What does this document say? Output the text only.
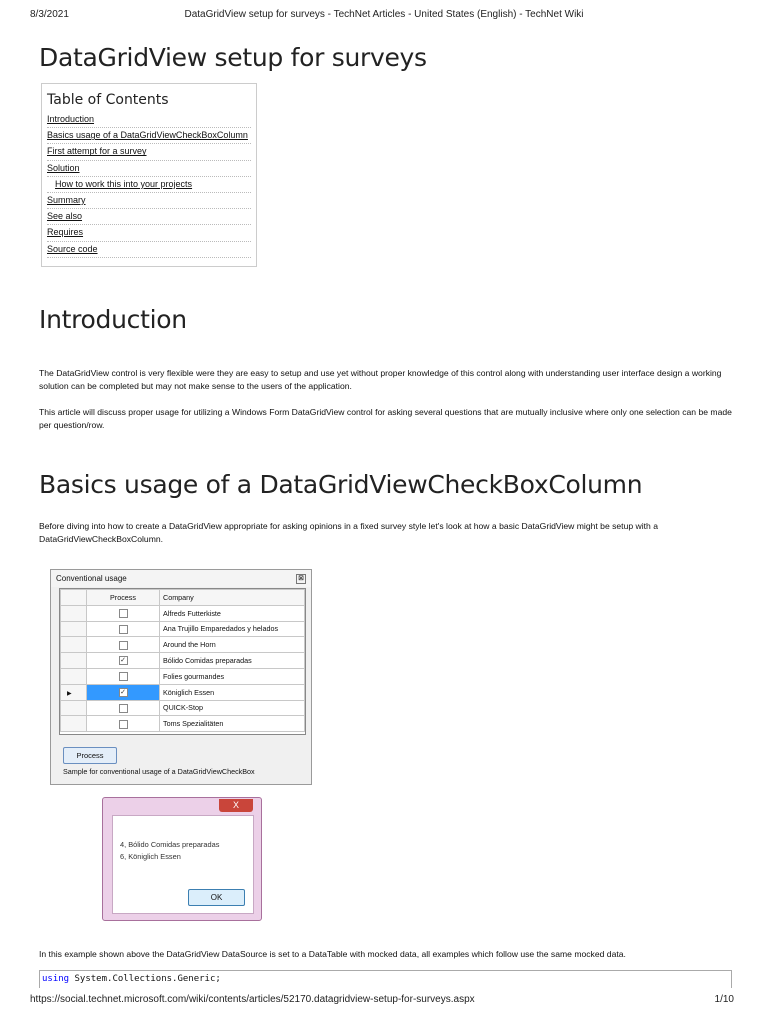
8/3/2021	DataGridView setup for surveys - TechNet Articles - United States (English) - TechNet Wiki
DataGridView setup for surveys
Table of Contents
Introduction
Basics usage of a DataGridViewCheckBoxColumn
First attempt for a survey
Solution
How to work this into your projects
Summary
See also
Requires
Source code
Introduction

The DataGridView control is very flexible were they are easy to setup and use yet without proper knowledge of this control along with understanding user interface design a working solution can be completed but may not make sense to the users of the application.

This article will discuss proper usage for utilizing a Windows Form DataGridView control for asking several questions that are mutually inclusive where only one selection can be made per question/row.

Basics usage of a DataGridViewCheckBoxColumn

Before diving into how to create a DataGridView appropriate for asking opinions in a fixed survey style let's look at how a basic DataGridView might be setup with a DataGridViewCheckBoxColumn.

Conventional usage	⊠
	Process	Company
		Alfreds Futterkiste
		Ana Trujillo Emparedados y helados
		Around the Horn
	✓	Bólido Comidas preparadas
		Folies gourmandes
▶	✓	Königlich Essen
		QUICK-Stop
		Toms Spezialitäten
Process
Sample for conventional usage of a DataGridViewCheckBox
X
4, Bólido Comidas preparadas
6, Königlich Essen
OK

In this example shown above the DataGridView DataSource is set to a DataTable with mocked data, all examples which follow use the same mocked data.

using System.Collections.Generic;
https://social.technet.microsoft.com/wiki/contents/articles/52170.datagridview-setup-for-surveys.aspx	1/10
